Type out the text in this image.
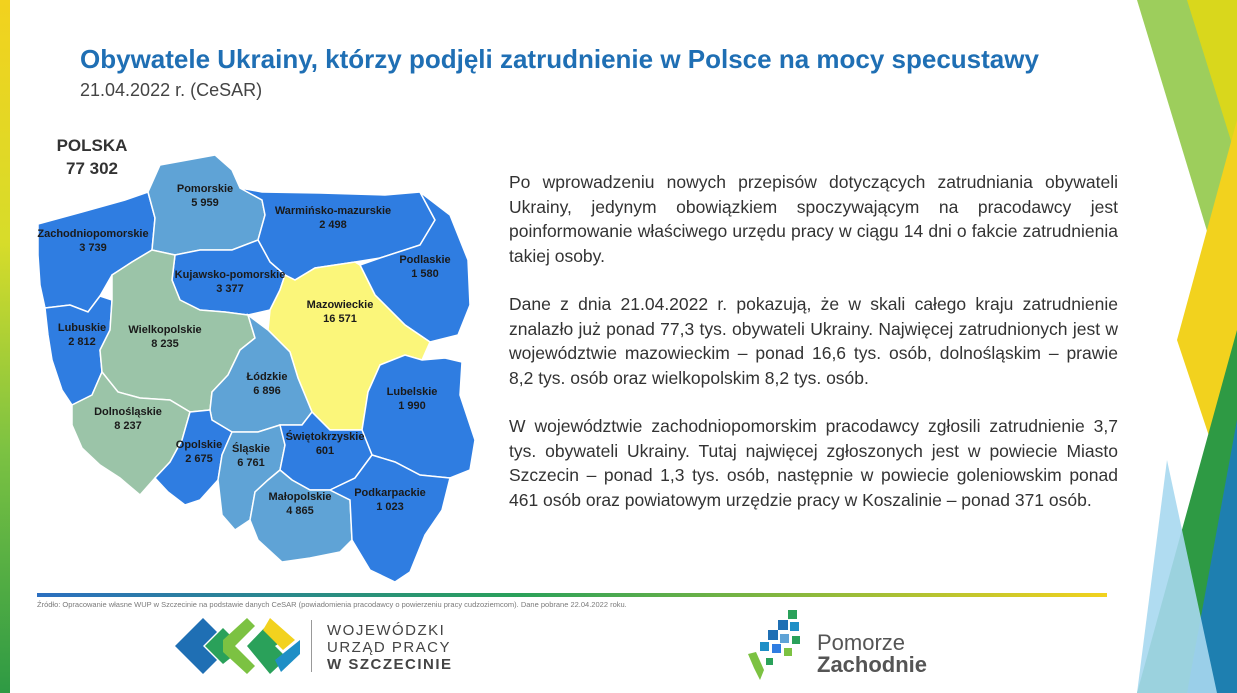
Obywatele Ukrainy, którzy podjęli zatrudnienie w Polsce na mocy specustawy
21.04.2022 r. (CeSAR)
Zachodniopomorskie
3 739
Pomorskie
5 959
Warmińsko-mazurskie
2 498
Podlaskie
1 580
Kujawsko-pomorskie
3 377
Mazowieckie
16 571
Lubuskie
2 812
Wielkopolskie
8 235
Łódzkie
6 896	Lubelskie
1 990
Dolnośląskie
8 237
Opolskie
2 675
Śląskie
6 761
Świętokrzyskie
601
Małopolskie
4 865
Podkarpackie
1 023
POLSKA
77 302

Po wprowadzeniu nowych przepisów dotyczących zatrudniania obywateli Ukrainy, jedynym obowiązkiem spoczywającym na pracodawcy jest poinformowanie właściwego urzędu pracy w ciągu 14 dni o fakcie zatrudnienia takiej osoby.

Dane z dnia 21.04.2022 r. pokazują, że w skali całego kraju zatrudnienie znalazło już ponad 77,3 tys. obywateli Ukrainy. Najwięcej zatrudnionych jest w województwie mazowieckim – ponad 16,6 tys. osób, dolnośląskim – prawie 8,2 tys. osób oraz wielkopolskim 8,2 tys. osób.

W województwie zachodniopomorskim pracodawcy zgłosili zatrudnienie 3,7 tys. obywateli Ukrainy. Tutaj najwięcej zgłoszonych jest w powiecie Miasto Szczecin – ponad 1,3 tys. osób, następnie w powiecie goleniowskim ponad 461 osób oraz powiatowym urzędzie pracy w Koszalinie – ponad 371 osób.

Źródło: Opracowanie własne WUP w Szczecinie na podstawie danych CeSAR (powiadomienia pracodawcy o powierzeniu pracy cudzoziemcom). Dane pobrane 22.04.2022 roku.
WOJEWÓDZKI
URZĄD PRACY
W SZCZECINIE
Pomorze
Zachodnie
